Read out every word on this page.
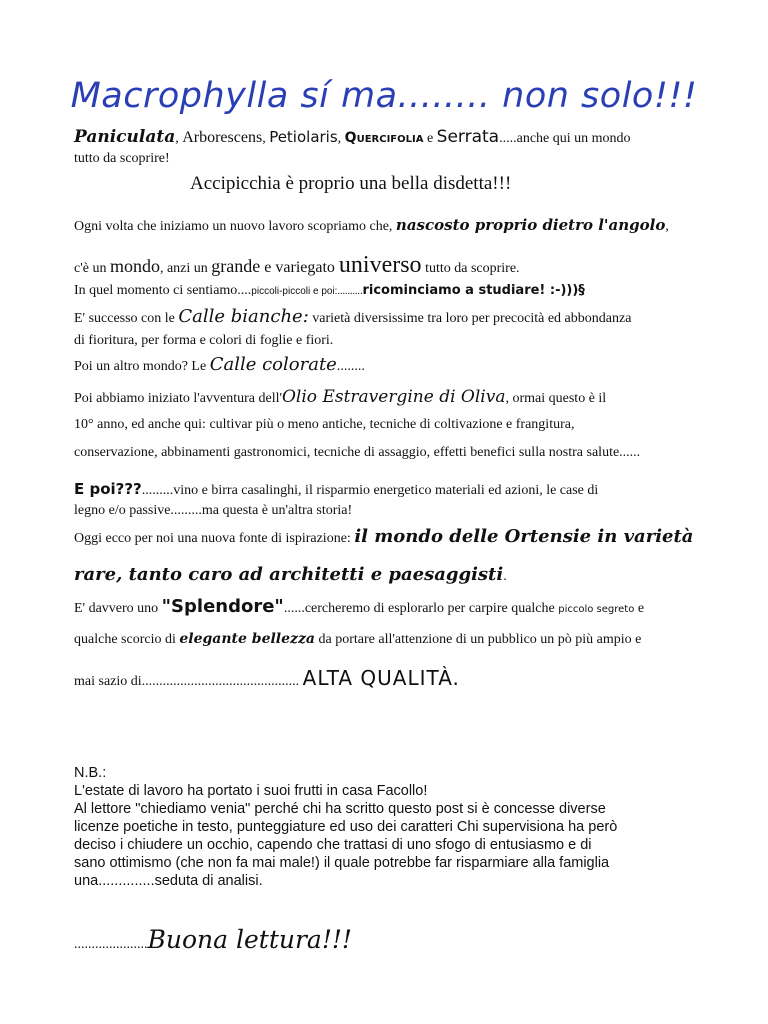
Macrophylla sí ma........ non solo!!!
Paniculata, Arborescens, Petiolaris, Quercifolia e Serrata.....anche qui un mondo
tutto da scoprire!
Accipicchia è proprio una bella disdetta!!!
Ogni volta che iniziamo un nuovo lavoro scopriamo che, nascosto proprio dietro l'angolo,
c'è un mondo, anzi un grande e variegato universo tutto da scoprire.
In quel momento ci sentiamo....piccoli-piccoli e poi:..........ricominciamo a studiare! :-)))§
E' successo con le Calle bianche: varietà diversissime tra loro per precocità ed abbondanza
di fioritura, per forma e colori di foglie e fiori.
Poi un altro mondo? Le Calle colorate........
Poi abbiamo iniziato l'avventura dell'Olio Estravergine di Oliva, ormai questo è il
10° anno, ed anche qui: cultivar più o meno antiche, tecniche di coltivazione e frangitura,
conservazione, abbinamenti gastronomici, tecniche di assaggio, effetti benefici sulla nostra salute......
E poi???.........vino e birra casalinghi, il risparmio energetico materiali ed azioni, le case di
legno e/o passive.........ma questa è un'altra storia!
Oggi ecco per noi una nuova fonte di ispirazione: il mondo delle Ortensie in varietà
rare, tanto caro ad architetti e paesaggisti.
E' davvero uno "Splendore"......cercheremo di esplorarlo per carpire qualche piccolo segreto e
qualche scorcio di elegante bellezza da portare all'attenzione di un pubblico un pò più ampio e
mai sazio di............................................. ALTA QUALITÀ.
N.B.:
L'estate di lavoro ha portato i suoi frutti in casa Facollo!
Al lettore "chiediamo venia" perché chi ha scritto questo post si è concesse diverse
licenze poetiche in testo, punteggiature ed uso dei caratteri Chi supervisiona ha però
deciso i chiudere un occhio, capendo che trattasi di uno sfogo di entusiasmo e di
sano ottimismo (che non fa mai male!) il quale potrebbe far risparmiare alla famiglia
una..............seduta di analisi.
.....................Buona lettura!!!
